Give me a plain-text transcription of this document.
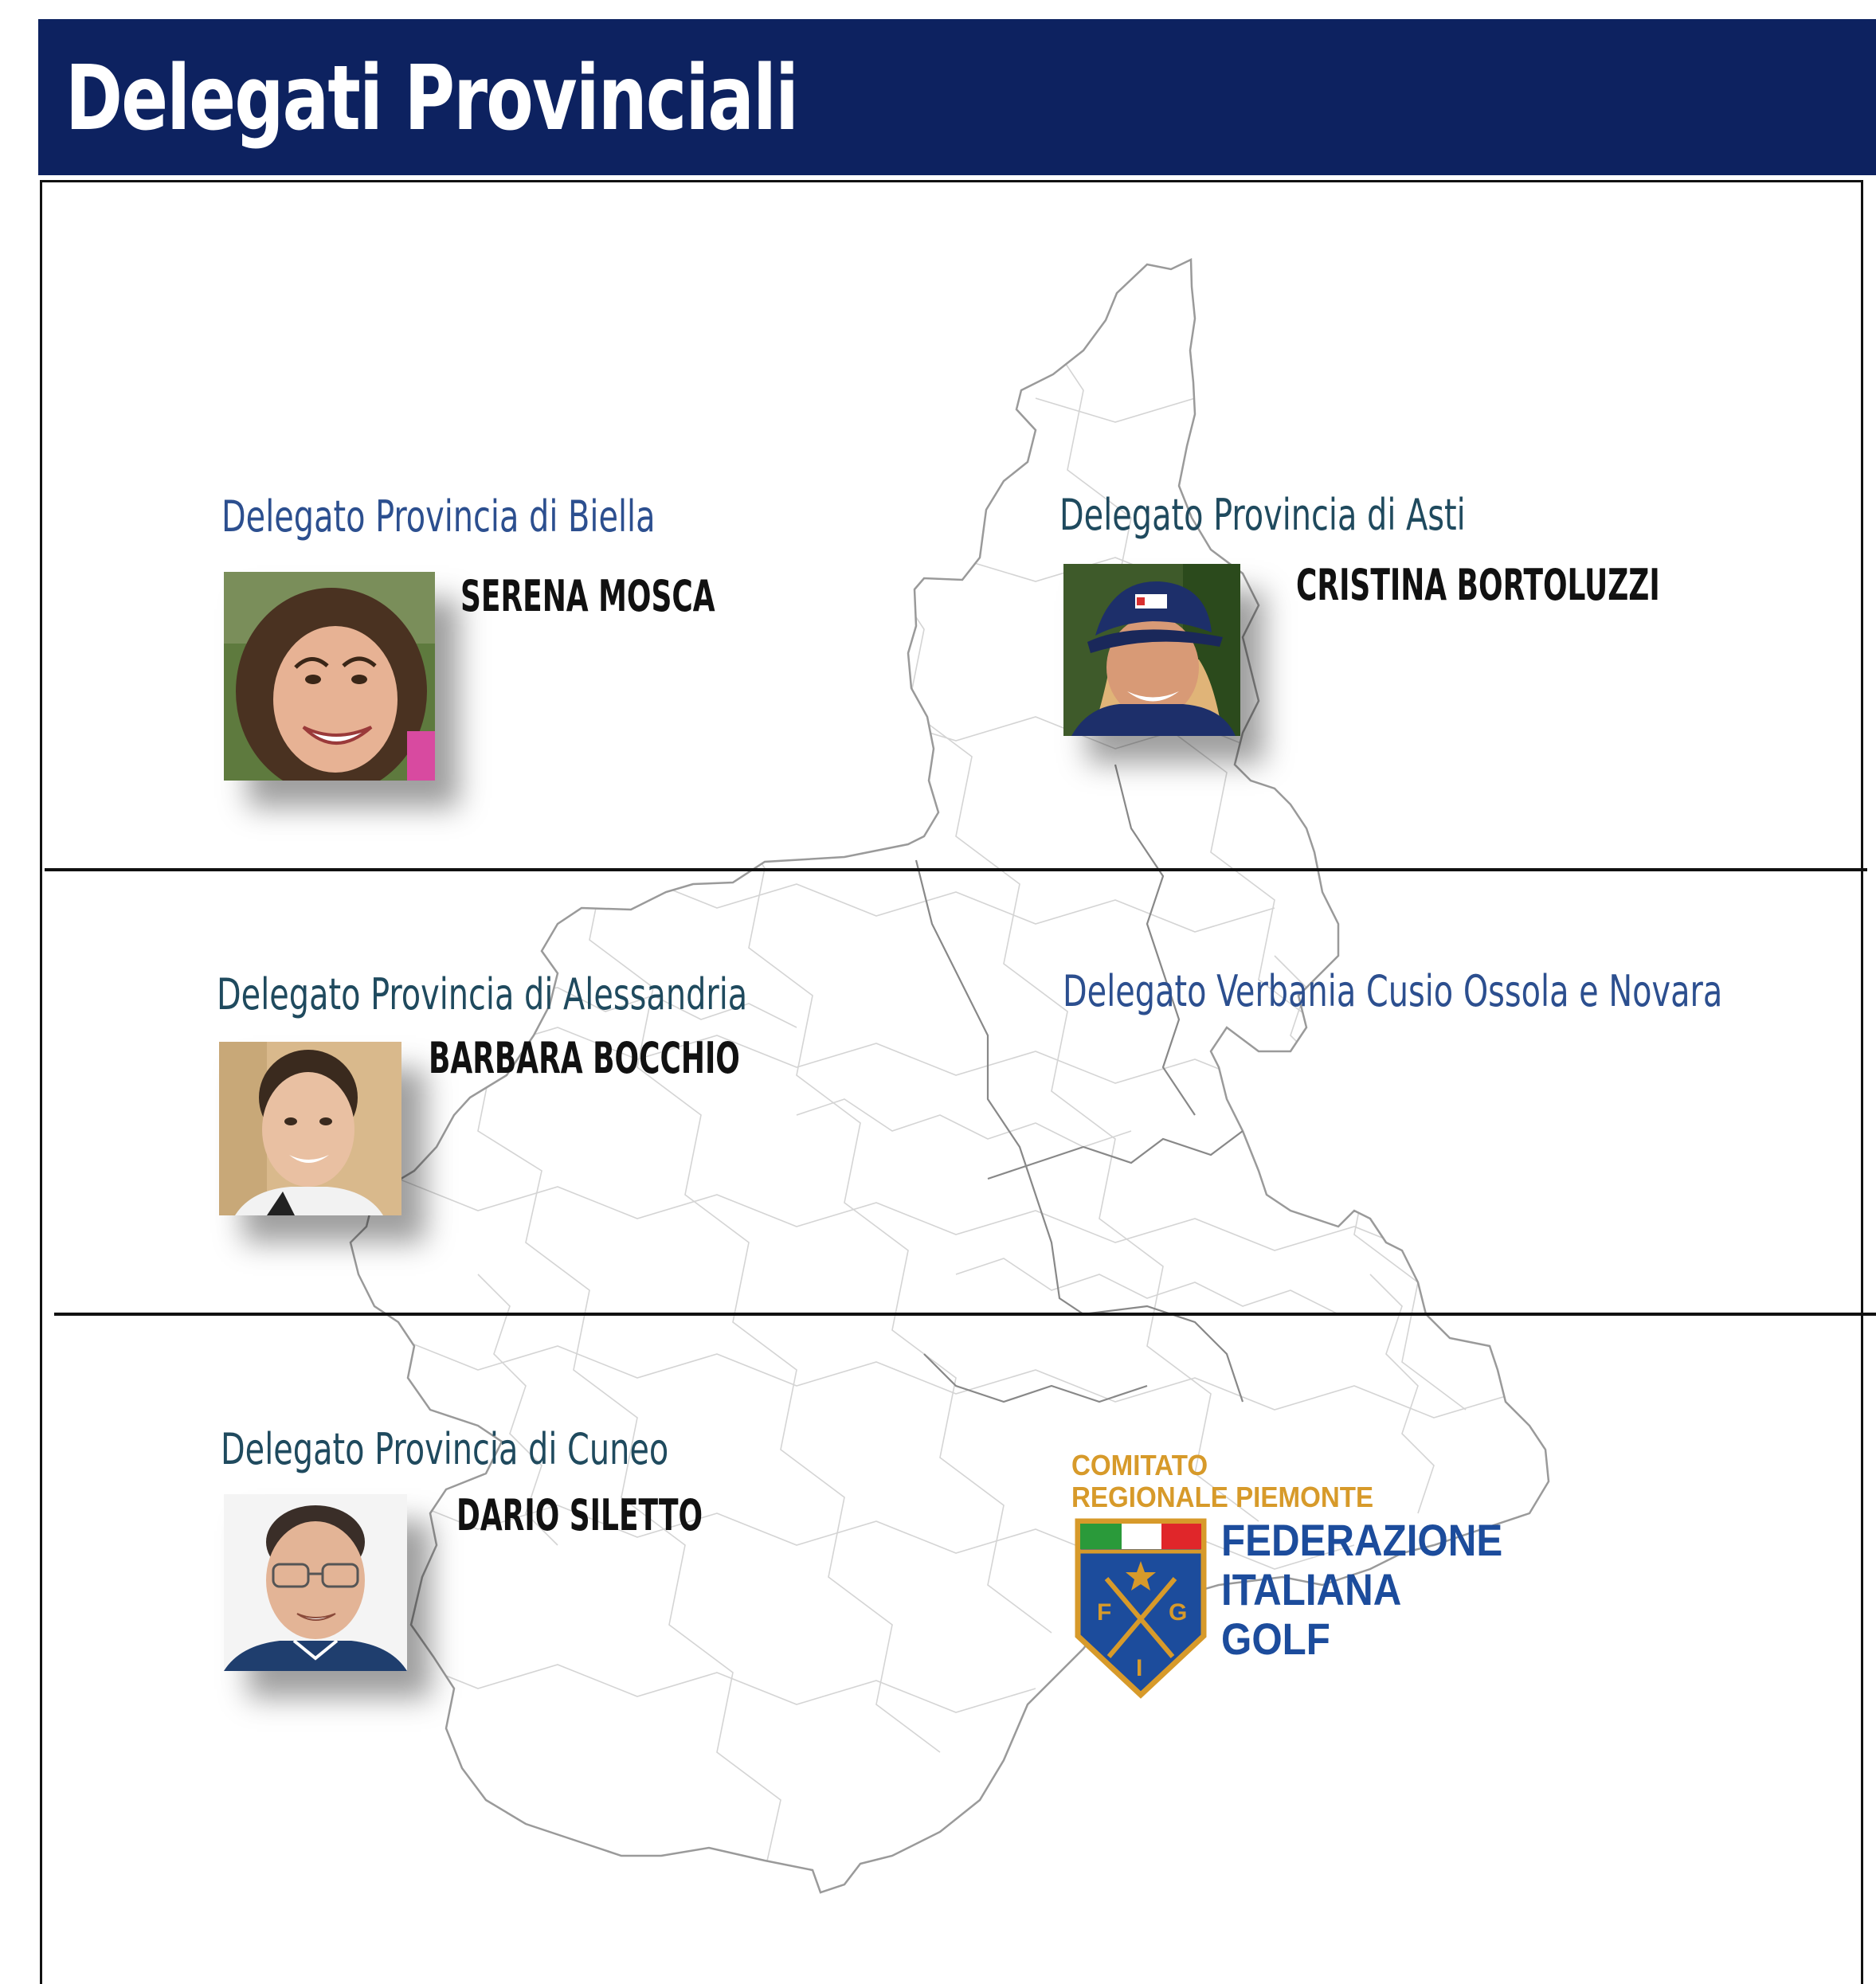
Delegati Provinciali
Delegato Provincia di Biella
SERENA MOSCA
Delegato Provincia di Asti
CRISTINA BORTOLUZZI
Delegato Provincia di Alessandria
BARBARA BOCCHIO
Delegato Verbania Cusio Ossola e Novara
Delegato Provincia di Cuneo
DARIO SILETTO
COMITATO
REGIONALE PIEMONTE
F G
I
FEDERAZIONE
ITALIANA
GOLF
